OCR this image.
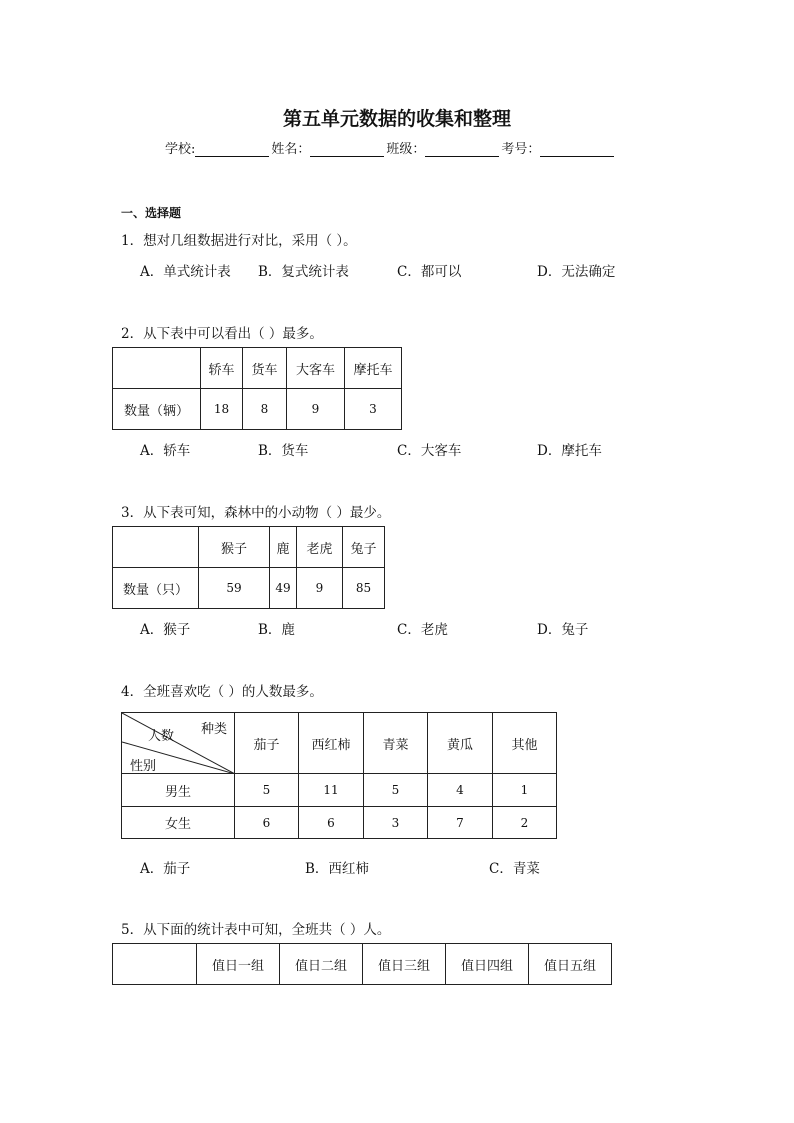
第五单元数据的收集和整理
学校:	姓名：	班级：	考号：
一、选择题
1．想对几组数据进行对比，采用（ ）。
A．单式统计表 B．复式统计表	C．都可以	D．无法确定
2．从下表中可以看出（ ）最多。
	轿车	货车	大客车	摩托车
数量（辆）	18	8	9	3
A．轿车	B．货车	C．大客车	D．摩托车
3．从下表可知，森林中的小动物（ ）最少。
	猴子	鹿	老虎	兔子
数量（只）	59	49	9	85
A．猴子	B．鹿	C．老虎	D．兔子
4．全班喜欢吃（ ）的人数最多。
种类
人数
性别	茄子	西红柿	青菜	黄瓜	其他
男生	5	11	5	4	1
女生	6	6	3	7	2
A．茄子	B．西红柿	C．青菜
5．从下面的统计表中可知，全班共（ ）人。
	值日一组	值日二组	值日三组	值日四组	值日五组
